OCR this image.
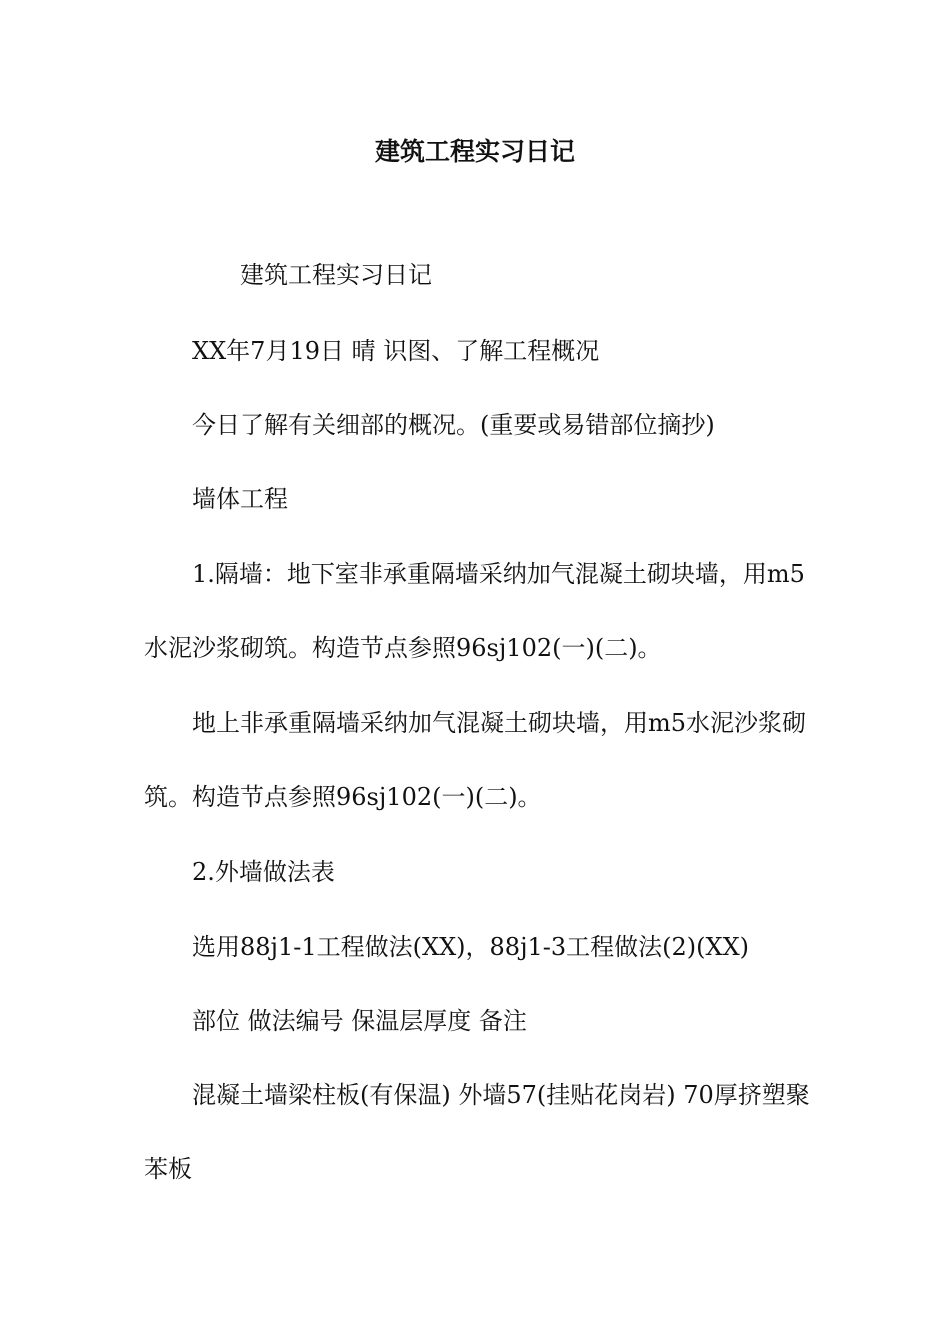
建筑工程实习日记
建筑工程实习日记
XX年7月19日 晴 识图、了解工程概况
今日了解有关细部的概况。(重要或易错部位摘抄)
墙体工程
1.隔墙：地下室非承重隔墙采纳加气混凝土砌块墙，用m5水泥沙浆砌筑。构造节点参照96sj102(一)(二)。
地上非承重隔墙采纳加气混凝土砌块墙，用m5水泥沙浆砌筑。构造节点参照96sj102(一)(二)。
2.外墙做法表
选用88j1-1工程做法(XX)，88j1-3工程做法(2)(XX)
部位 做法编号 保温层厚度 备注
混凝土墙梁柱板(有保温) 外墙57(挂贴花岗岩) 70厚挤塑聚苯板
